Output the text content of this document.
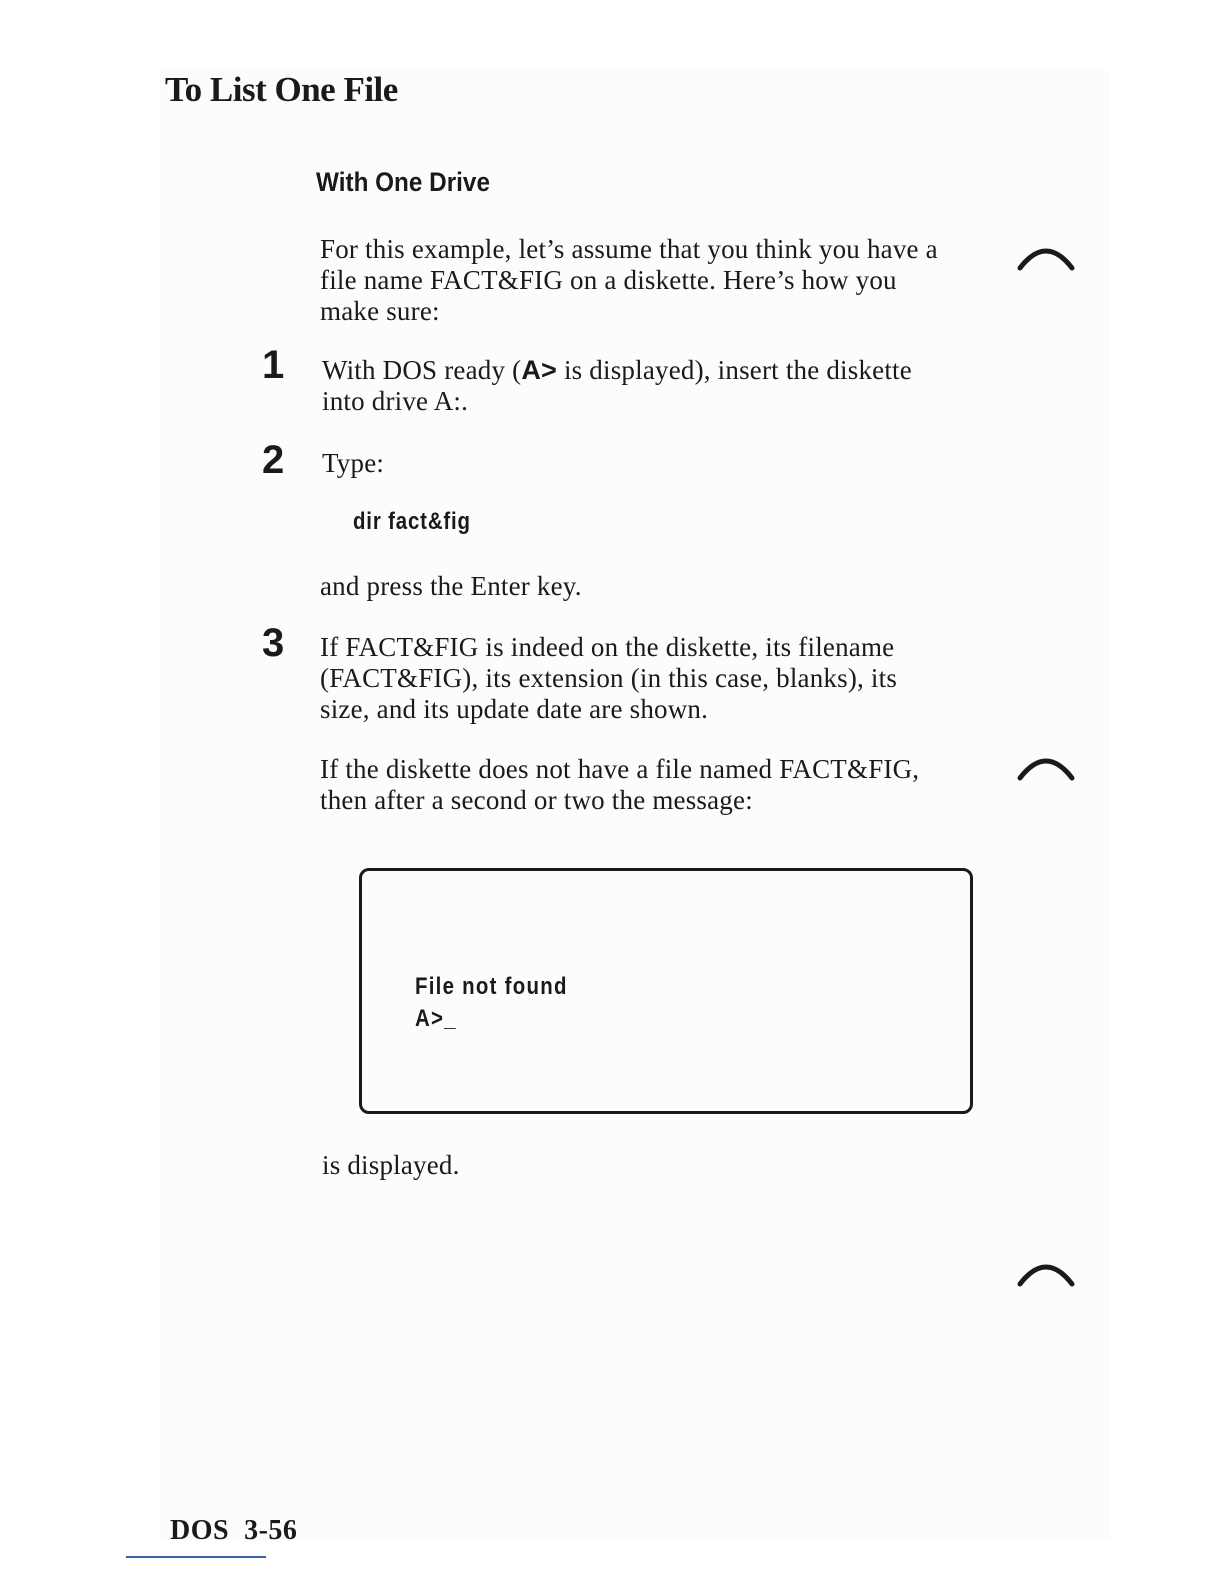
To List One File
With One Drive

For this example, let’s assume that you think you have a
file name FACT&FIG on a diskette. Here’s how you
make sure:

1 With DOS ready (A> is displayed), insert the diskette
into drive A:.

2 Type:

dir fact&fig

and press the Enter key.

3 If FACT&FIG is indeed on the diskette, its filename
(FACT&FIG), its extension (in this case, blanks), its
size, and its update date are shown.

If the diskette does not have a file named FACT&FIG,
then after a second or two the message:

File not found
A>_

is displayed.

DOS 3-56
